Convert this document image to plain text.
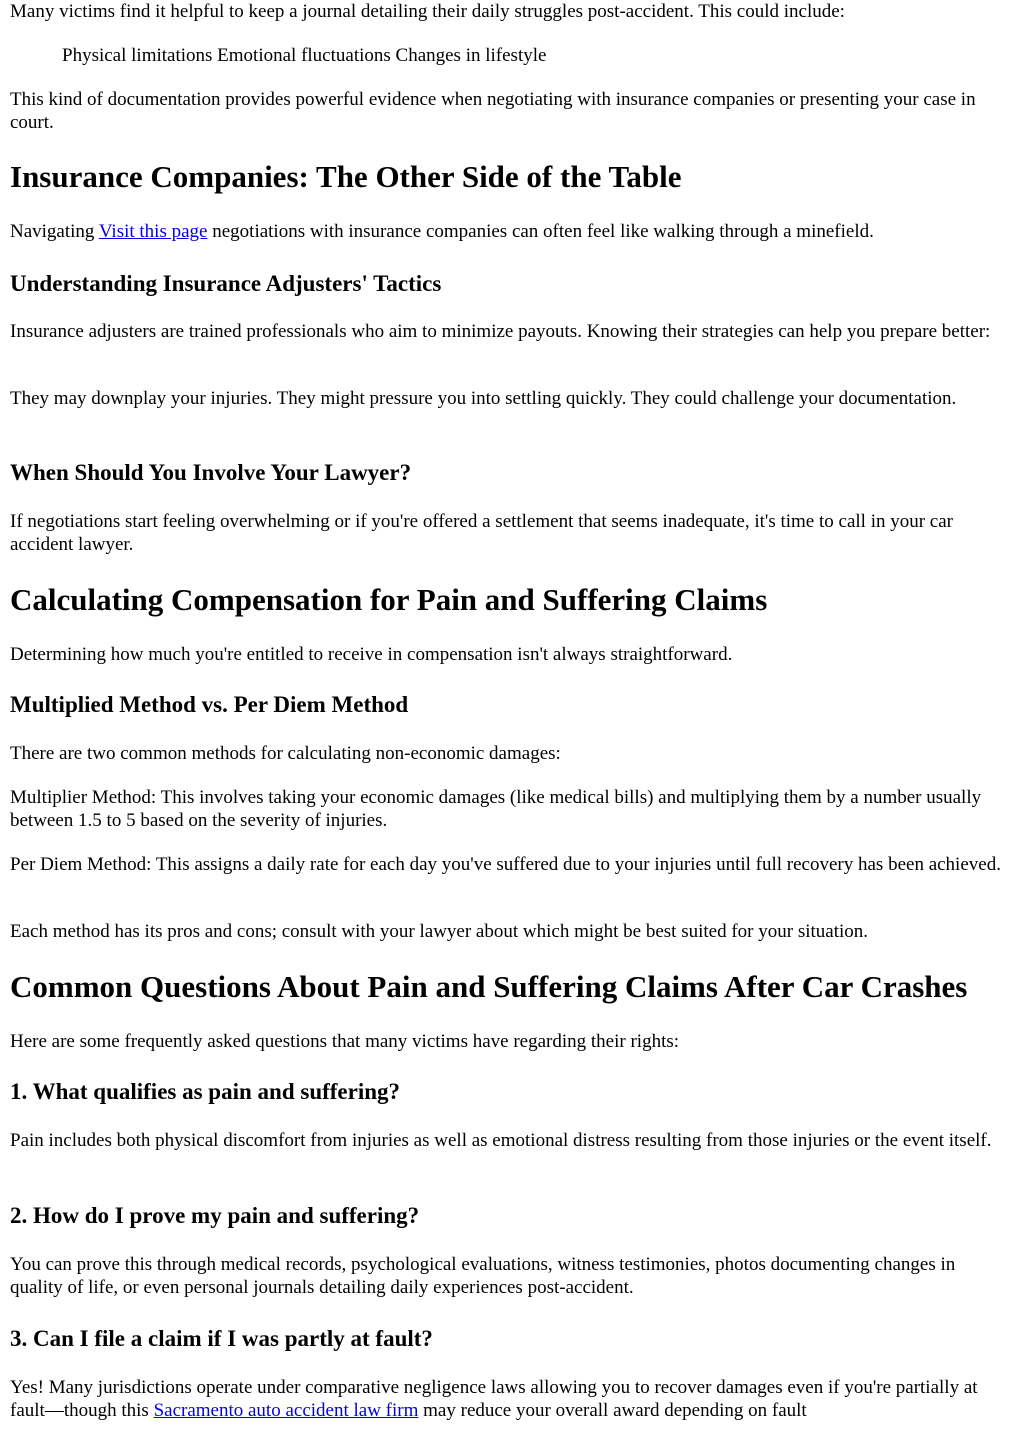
Many victims find it helpful to keep a journal detailing their daily struggles post-accident. This could include:

Physical limitations Emotional fluctuations Changes in lifestyle

This kind of documentation provides powerful evidence when negotiating with insurance companies or presenting your case in court.

Insurance Companies: The Other Side of the Table

Navigating Visit this page negotiations with insurance companies can often feel like walking through a minefield.

Understanding Insurance Adjusters' Tactics

Insurance adjusters are trained professionals who aim to minimize payouts. Knowing their strategies can help you prepare better:

They may downplay your injuries. They might pressure you into settling quickly. They could challenge your documentation.

When Should You Involve Your Lawyer?

If negotiations start feeling overwhelming or if you're offered a settlement that seems inadequate, it's time to call in your car accident lawyer.

Calculating Compensation for Pain and Suffering Claims

Determining how much you're entitled to receive in compensation isn't always straightforward.

Multiplied Method vs. Per Diem Method

There are two common methods for calculating non-economic damages:

Multiplier Method: This involves taking your economic damages (like medical bills) and multiplying them by a number usually between 1.5 to 5 based on the severity of injuries.

Per Diem Method: This assigns a daily rate for each day you've suffered due to your injuries until full recovery has been achieved.

Each method has its pros and cons; consult with your lawyer about which might be best suited for your situation.

Common Questions About Pain and Suffering Claims After Car Crashes

Here are some frequently asked questions that many victims have regarding their rights:

1. What qualifies as pain and suffering?

Pain includes both physical discomfort from injuries as well as emotional distress resulting from those injuries or the event itself.

2. How do I prove my pain and suffering?

You can prove this through medical records, psychological evaluations, witness testimonies, photos documenting changes in quality of life, or even personal journals detailing daily experiences post-accident.

3. Can I file a claim if I was partly at fault?

Yes! Many jurisdictions operate under comparative negligence laws allowing you to recover damages even if you're partially at fault—though this Sacramento auto accident law firm may reduce your overall award depending on fault
